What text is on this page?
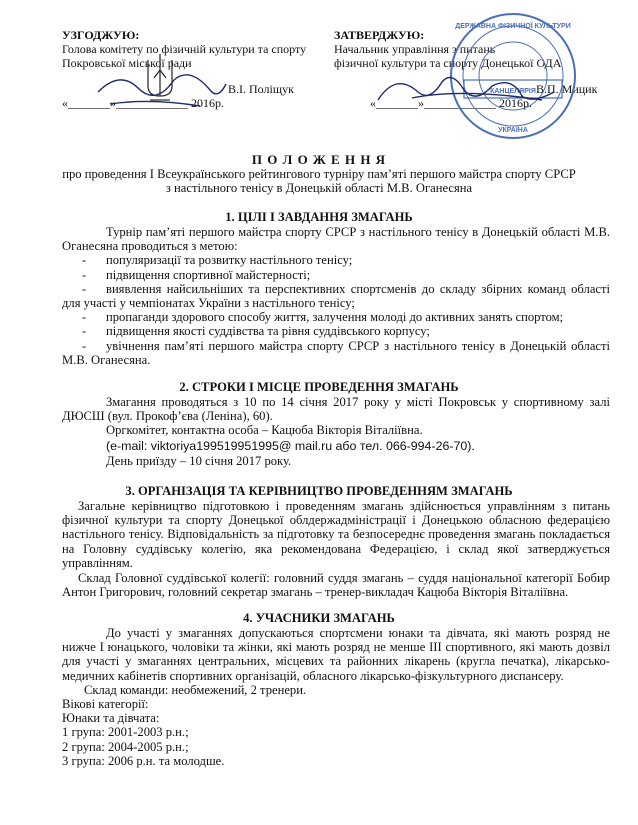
УЗГОДЖУЮ:
Голова комітету по фізичній культури та спорту
Покровської міської ради
В.І. Поліщук
«_______»____________ 2016р.
ЗАТВЕРДЖУЮ:
Начальник управління з питань
фізичної культури та спорту Донецької ОДА
В.П. Мицик
«_______»____________ 2016р.
КАНЦЕЛЯРІЯ
ДЕРЖАВНА ФІЗИЧНОЇ КУЛЬТУРИ
УКРАЇНА
П О Л О Ж Е Н Н Я
про проведення І Всеукраїнського рейтингового турніру пам’яті першого майстра спорту СРСР
з настільного тенісу в Донецькій області М.В. Оганесяна
1. ЦІЛІ І ЗАВДАННЯ ЗМАГАНЬ
Турнір пам’яті першого майстра спорту СРСР з настільного тенісу в Донецькій області М.В. Оганесяна проводиться з метою:
-	популяризації та розвитку настільного тенісу;
-	підвищення спортивної майстерності;
- виявлення найсильніших та перспективних спортсменів до складу збірних команд області для участі у чемпіонатах України з настільного тенісу;
-	пропаганди здорового способу життя, залучення молоді до активних занять спортом;
-	підвищення якості суддівства та рівня суддівського корпусу;
- увічнення пам’яті першого майстра спорту СРСР з настільного тенісу в Донецькій області М.В. Оганесяна.
2. СТРОКИ І МІСЦЕ ПРОВЕДЕННЯ ЗМАГАНЬ
Змагання проводяться з 10 по 14 січня 2017 року у місті Покровськ у спортивному залі ДЮСШ (вул. Прокоф’єва (Леніна), 60).
Оргкомітет, контактна особа – Кацюба Вікторія Віталіївна.
(e-mail: viktoriya199519951995@ mail.ru або тел. 066-994-26-70).
День приїзду – 10 січня 2017 року.
3. ОРГАНІЗАЦІЯ ТА КЕРІВНИЦТВО ПРОВЕДЕННЯМ ЗМАГАНЬ
Загальне керівництво підготовкою і проведенням змагань здійснюється управлінням з питань фізичної культури та спорту Донецької облдержадміністрації і Донецькою обласною федерацією настільного тенісу. Відповідальність за підготовку та безпосереднє проведення змагань покладається на Головну суддівську колегію, яка рекомендована Федерацією, і склад якої затверджується управлінням.
Склад Головної суддівської колегії: головний суддя змагань – суддя національної категорії Бобир Антон Григорович, головний секретар змагань – тренер-викладач Кацюба Вікторія Віталіївна.
4. УЧАСНИКИ ЗМАГАНЬ
До участі у змаганнях допускаються спортсмени юнаки та дівчата, які мають розряд не нижче І юнацького, чоловіки та жінки, які мають розряд не менше ІІІ спортивного, які мають дозвіл для участі у змаганнях центральних, місцевих та районних лікарень (кругла печатка), лікарсько-медичних кабінетів спортивних організацій, обласного лікарсько-фізкультурного диспансеру.
Склад команди: необмежений, 2 тренери.
Вікові категорії:
Юнаки та дівчата:
1 група: 2001-2003 р.н.;
2 група: 2004-2005 р.н.;
3 група: 2006 р.н. та молодше.
